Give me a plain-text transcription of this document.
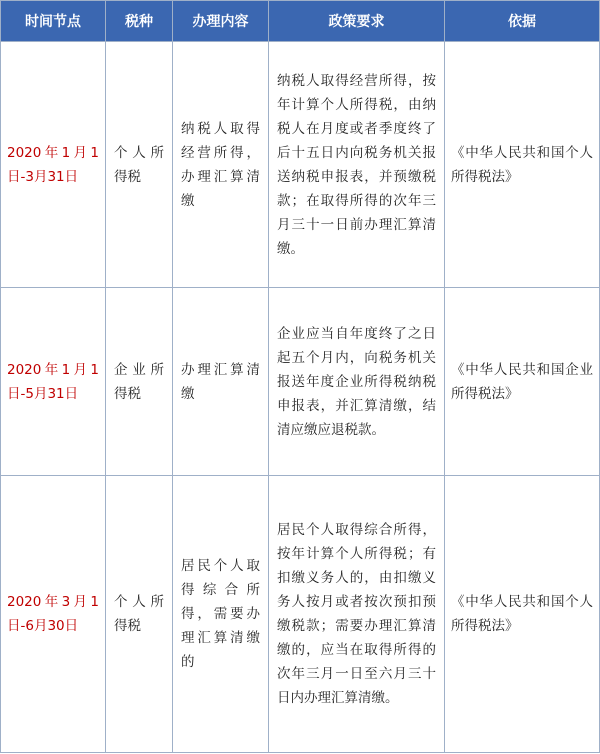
时间节点	税种	办理内容	政策要求	依据
2020年1月1日-3月31日	个人所得税	纳税人取得经营所得，办理汇算清缴	纳税人取得经营所得，按年计算个人所得税，由纳税人在月度或者季度终了后十五日内向税务机关报送纳税申报表，并预缴税款；在取得所得的次年三月三十一日前办理汇算清缴。	《中华人民共和国个人所得税法》
2020年1月1日-5月31日	企业所得税	办理汇算清缴	企业应当自年度终了之日起五个月内，向税务机关报送年度企业所得税纳税申报表，并汇算清缴，结清应缴应退税款。	《中华人民共和国企业所得税法》
2020年3月1日-6月30日	个人所得税	居民个人取得综合所得，需要办理汇算清缴的	居民个人取得综合所得，按年计算个人所得税；有扣缴义务人的，由扣缴义务人按月或者按次预扣预缴税款；需要办理汇算清缴的，应当在取得所得的次年三月一日至六月三十日内办理汇算清缴。	《中华人民共和国个人所得税法》
